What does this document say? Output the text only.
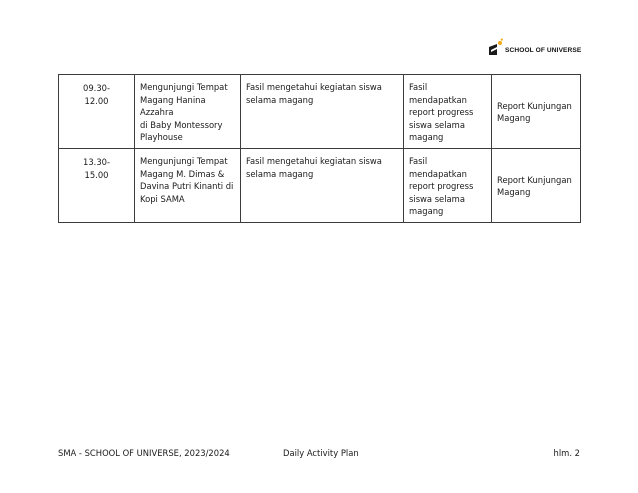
SCHOOL OF UNIVERSE
09.30-
12.00	Mengunjungi Tempat
Magang Hanina Azzahra
di Baby Montessory
Playhouse	Fasil mengetahui kegiatan siswa
selama magang	Fasil mendapatkan
report progress
siswa selama
magang	Report Kunjungan
Magang
13.30-
15.00	Mengunjungi Tempat
Magang M. Dimas &
Davina Putri Kinanti di
Kopi SAMA	Fasil mengetahui kegiatan siswa
selama magang	Fasil mendapatkan
report progress
siswa selama
magang	Report Kunjungan
Magang
SMA - SCHOOL OF UNIVERSE, 2023/2024	Daily Activity Plan	hlm. 2
